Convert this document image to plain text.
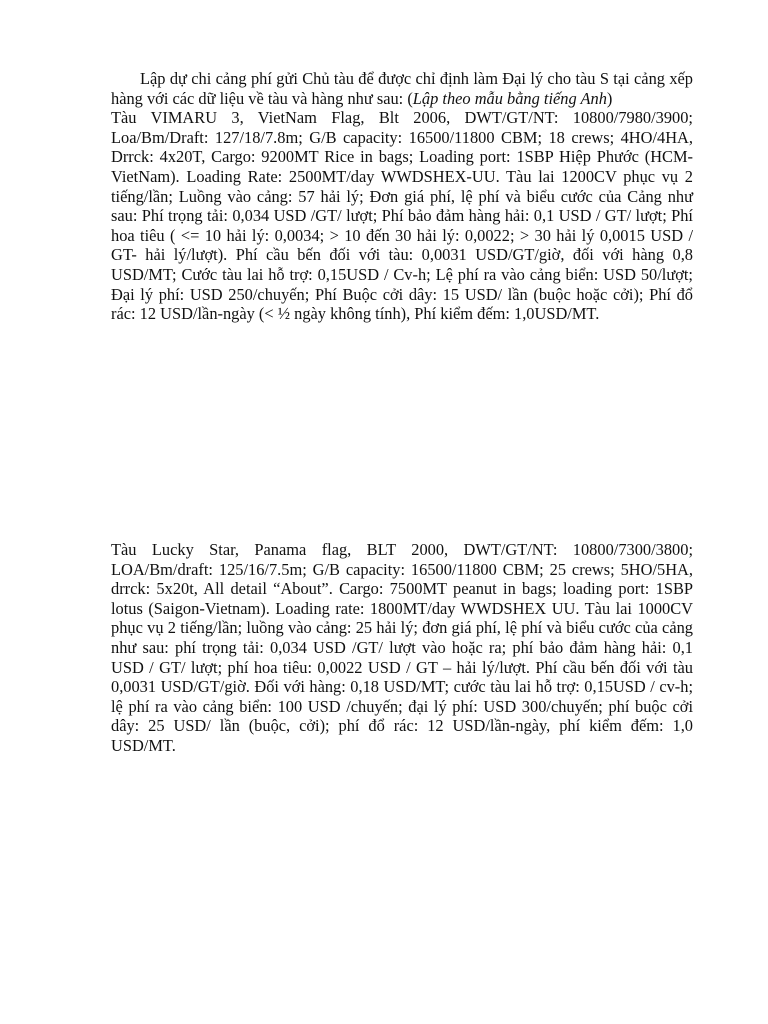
Lập dự chi cảng phí gửi Chủ tàu để được chỉ định làm Đại lý cho tàu S tại cảng xếp hàng với các dữ liệu về tàu và hàng như sau: (Lập theo mẫu bằng tiếng Anh)

Tàu VIMARU 3, VietNam Flag, Blt 2006, DWT/GT/NT: 10800/7980/3900; Loa/Bm/Draft: 127/18/7.8m; G/B capacity: 16500/11800 CBM; 18 crews; 4HO/4HA, Drrck: 4x20T, Cargo: 9200MT Rice in bags; Loading port: 1SBP Hiệp Phước (HCM-VietNam). Loading Rate: 2500MT/day WWDSHEX-UU. Tàu lai 1200CV phục vụ 2 tiếng/lần; Luồng vào cảng: 57 hải lý; Đơn giá phí, lệ phí và biểu cước của Cảng như sau: Phí trọng tải: 0,034 USD /GT/ lượt; Phí bảo đảm hàng hải: 0,1 USD / GT/ lượt; Phí hoa tiêu ( <= 10 hải lý: 0,0034; > 10 đến 30 hải lý: 0,0022; > 30 hải lý 0,0015 USD / GT- hải lý/lượt). Phí cầu bến đối với tàu: 0,0031 USD/GT/giờ, đối với hàng 0,8 USD/MT; Cước tàu lai hỗ trợ: 0,15USD / Cv-h; Lệ phí ra vào cảng biển: USD 50/lượt; Đại lý phí: USD 250/chuyến; Phí Buộc cởi dây: 15 USD/ lần (buộc hoặc cởi); Phí đổ rác: 12 USD/lần-ngày (< ½ ngày không tính), Phí kiểm đếm: 1,0USD/MT.

Tàu Lucky Star, Panama flag, BLT 2000, DWT/GT/NT: 10800/7300/3800; LOA/Bm/draft: 125/16/7.5m; G/B capacity: 16500/11800 CBM; 25 crews; 5HO/5HA, drrck: 5x20t, All detail “About”. Cargo: 7500MT peanut in bags; loading port: 1SBP lotus (Saigon-Vietnam). Loading rate: 1800MT/day WWDSHEX UU. Tàu lai 1000CV phục vụ 2 tiếng/lần; luồng vào cảng: 25 hải lý; đơn giá phí, lệ phí và biểu cước của cảng như sau: phí trọng tải: 0,034 USD /GT/ lượt vào hoặc ra; phí bảo đảm hàng hải: 0,1 USD / GT/ lượt; phí hoa tiêu: 0,0022 USD / GT – hải lý/lượt. Phí cầu bến đối với tàu 0,0031 USD/GT/giờ. Đối với hàng: 0,18 USD/MT; cước tàu lai hỗ trợ: 0,15USD / cv-h; lệ phí ra vào cảng biển: 100 USD /chuyến; đại lý phí: USD 300/chuyến; phí buộc cởi dây: 25 USD/ lần (buộc, cởi); phí đổ rác: 12 USD/lần-ngày, phí kiểm đếm: 1,0 USD/MT.
